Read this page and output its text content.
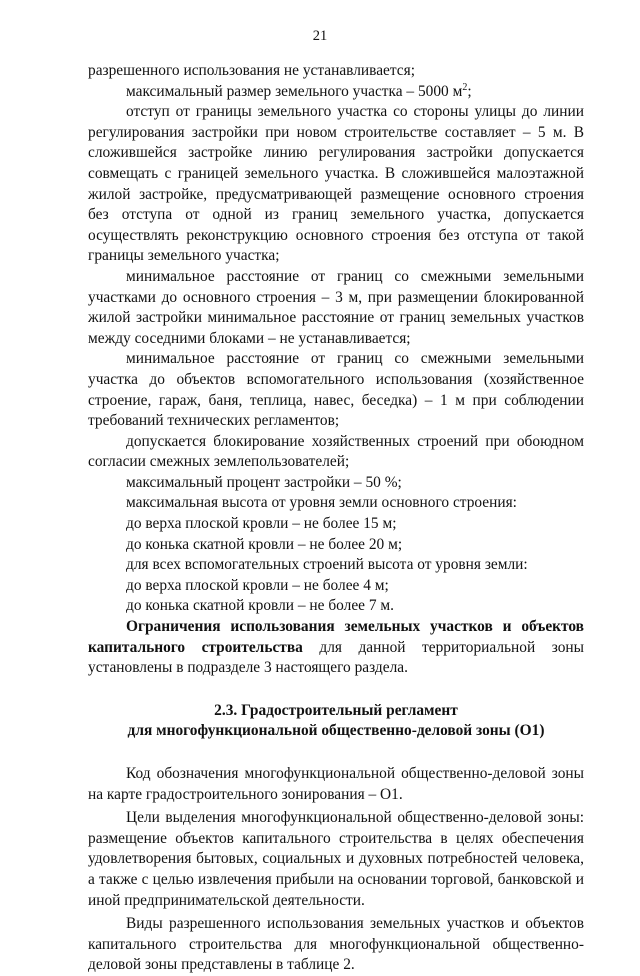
21

разрешенного использования не устанавливается;

максимальный размер земельного участка – 5000 $м^2$;

отступ от границы земельного участка со стороны улицы до линии регулирования застройки при новом строительстве составляет – 5 м. В сложившейся застройке линию регулирования застройки допускается совмещать с границей земельного участка. В сложившейся малоэтажной жилой застройке, предусматривающей размещение основного строения без отступа от одной из границ земельного участка, допускается осуществлять реконструкцию основного строения без отступа от такой границы земельного участка;

минимальное расстояние от границ со смежными земельными участками до основного строения – 3 м, при размещении блокированной жилой застройки минимальное расстояние от границ земельных участков между соседними блоками – не устанавливается;

минимальное расстояние от границ со смежными земельными участка до объектов вспомогательного использования (хозяйственное строение, гараж, баня, теплица, навес, беседка) – 1 м при соблюдении требований технических регламентов;

допускается блокирование хозяйственных строений при обоюдном согласии смежных землепользователей;

максимальный процент застройки – 50 %;

максимальная высота от уровня земли основного строения:

до верха плоской кровли – не более 15 м;

до конька скатной кровли – не более 20 м;

для всех вспомогательных строений высота от уровня земли:

до верха плоской кровли – не более 4 м;

до конька скатной кровли – не более 7 м.

Ограничения использования земельных участков и объектов капитального строительства для данной территориальной зоны установлены в подразделе 3 настоящего раздела.

2.3. Градостроительный регламент
для многофункциональной общественно-деловой зоны (О1)

Код обозначения многофункциональной общественно-деловой зоны на карте градостроительного зонирования – О1.

Цели выделения многофункциональной общественно-деловой зоны: размещение объектов капитального строительства в целях обеспечения удовлетворения бытовых, социальных и духовных потребностей человека, а также с целью извлечения прибыли на основании торговой, банковской и иной предпринимательской деятельности.

Виды разрешенного использования земельных участков и объектов капитального строительства для многофункциональной общественно-деловой зоны представлены в таблице 2.
